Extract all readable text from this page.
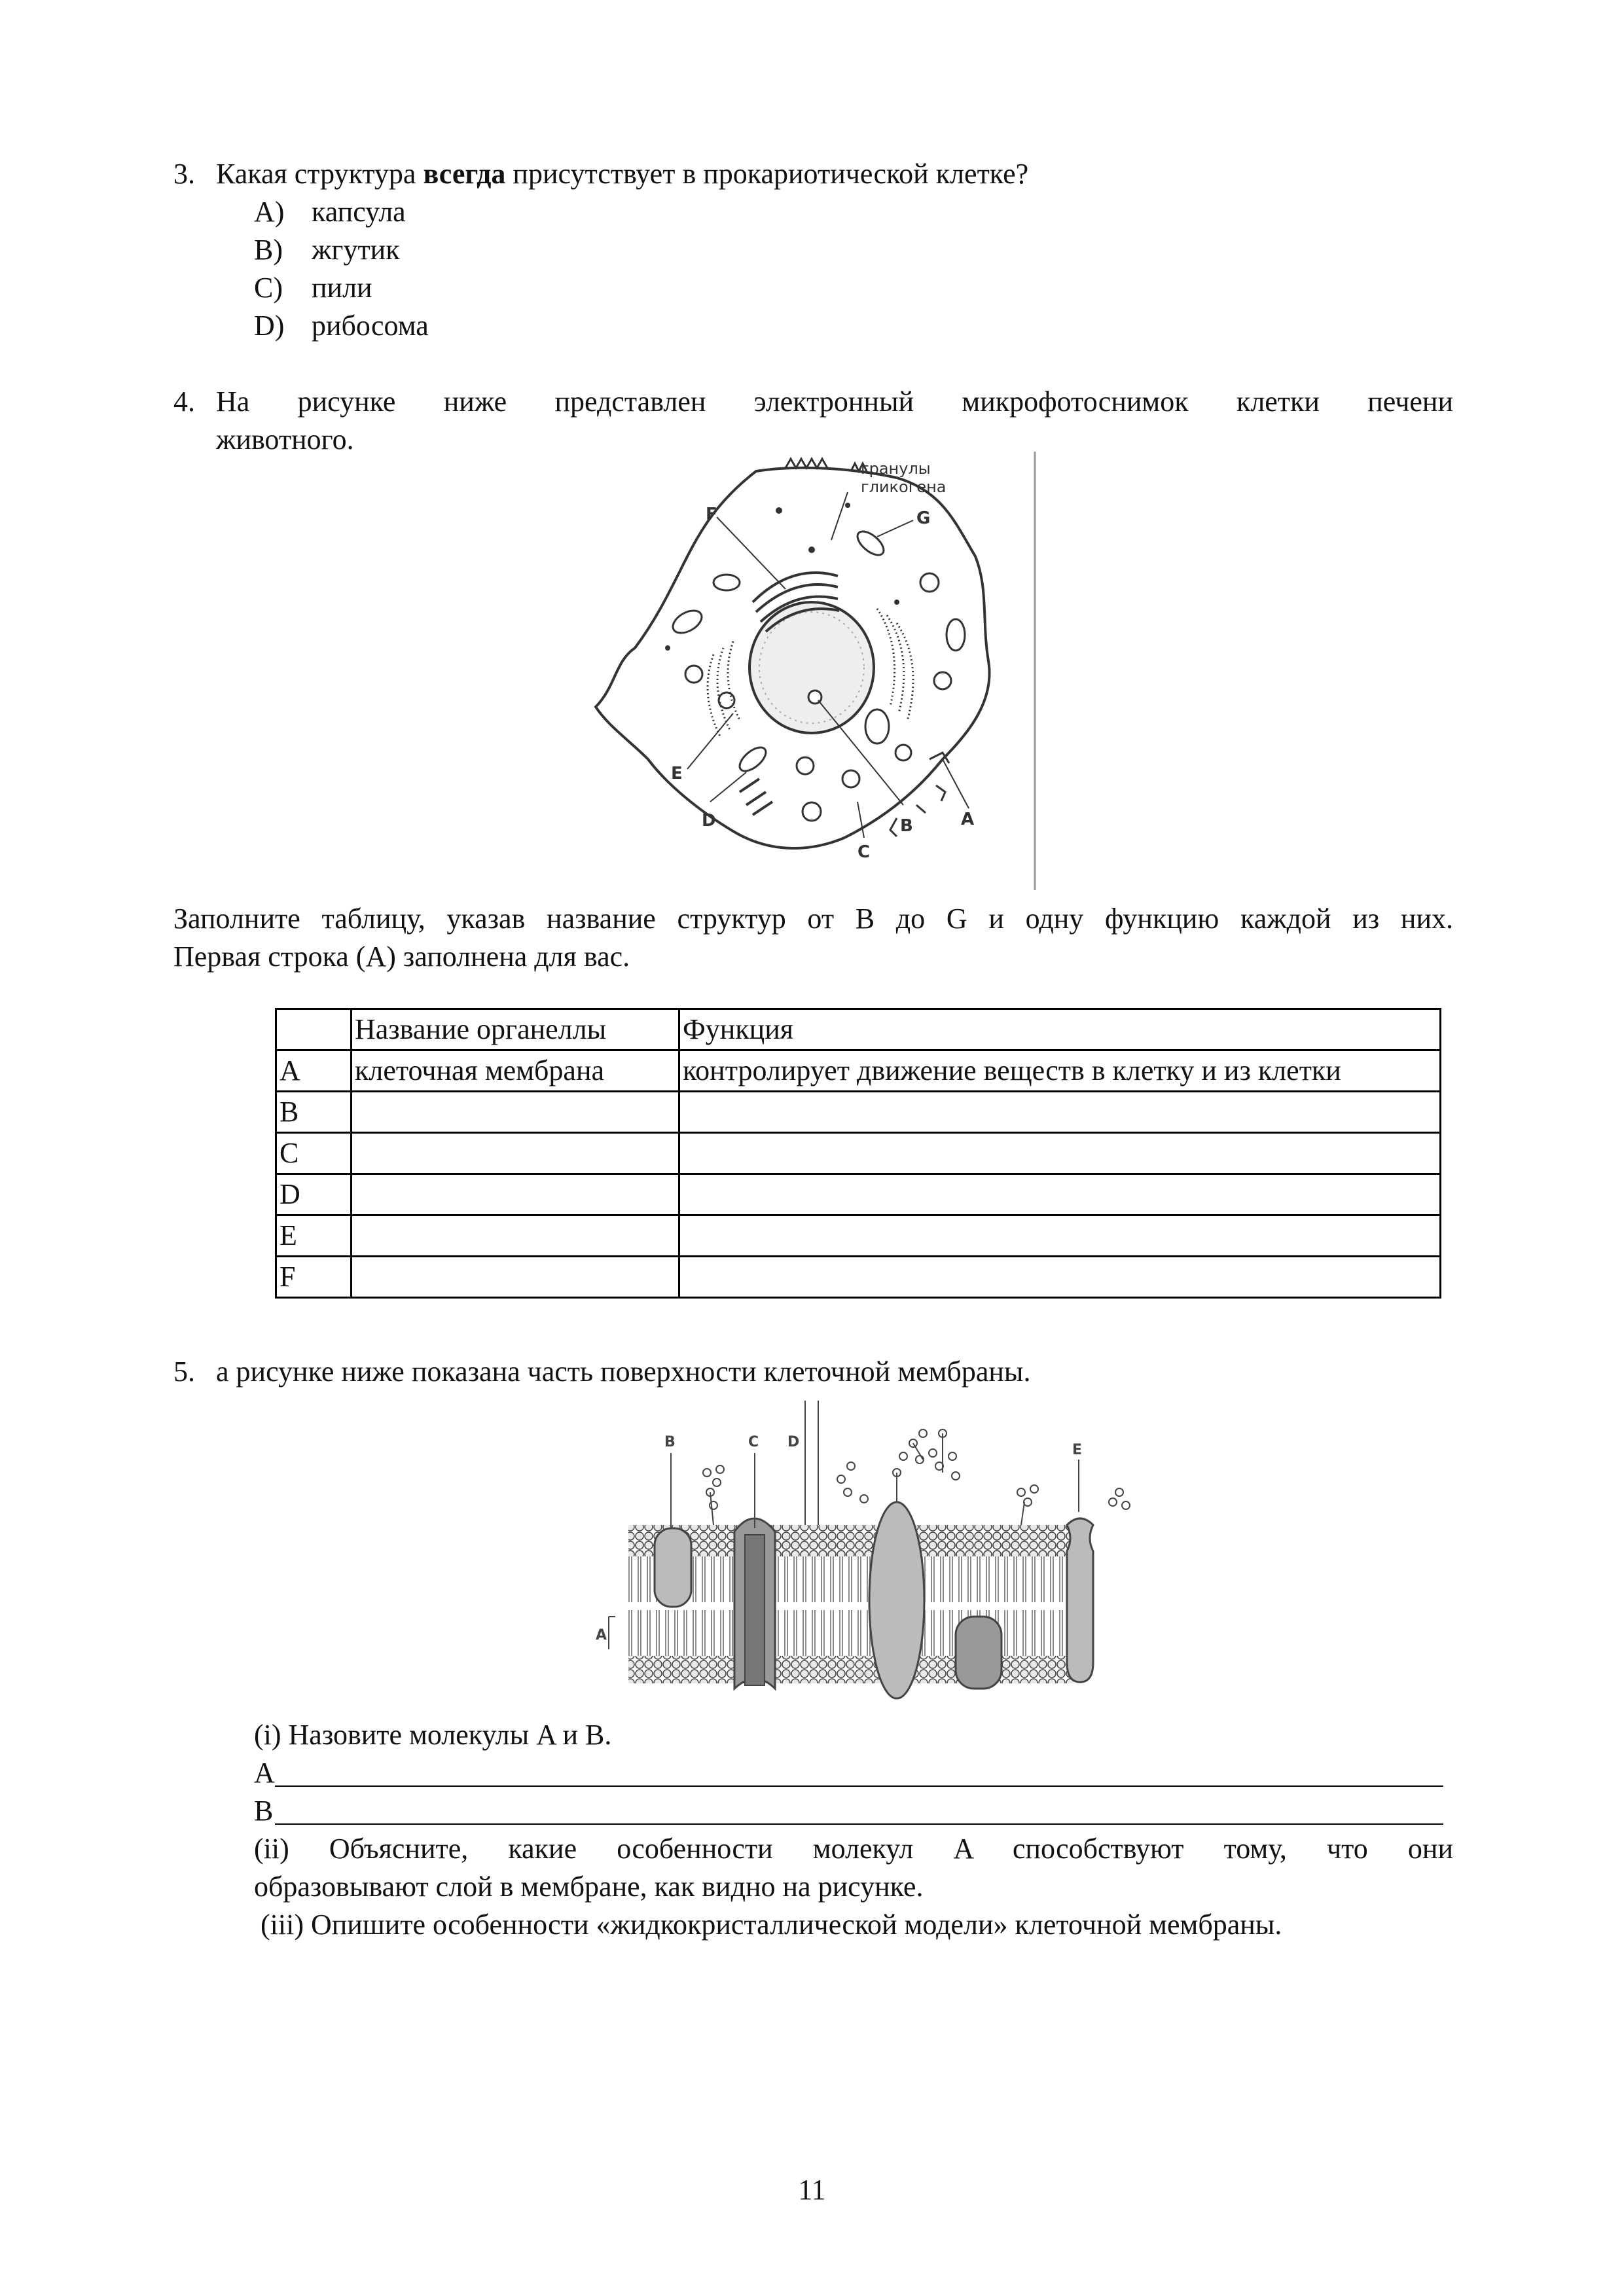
3. Какая структура всегда присутствует в прокариотической клетке?
A) капсула
B) жгутик
C) пили
D) рибосома
4. На рисунке ниже представлен электронный микрофотоснимок клетки печени
животного.
гранулы
гликогена
G
F
E
D	B	A
C
Заполните таблицу, указав название структур от B до G и одну функцию каждой из них.
Первая строка (A) заполнена для вас.
	Название органеллы	Функция
A	клеточная мембрана	контролирует движение веществ в клетку и из клетки
B		
C		
D		
E		
F		
5. а рисунке ниже показана часть поверхности клеточной мембраны.
A
B	C D	E
(i) Назовите молекулы A и B.
A
B
(ii) Объясните, какие особенности молекул A способствуют тому, что они
образовывают слой в мембране, как видно на рисунке.
(iii) Опишите особенности «жидкокристаллической модели» клеточной мембраны.
11
